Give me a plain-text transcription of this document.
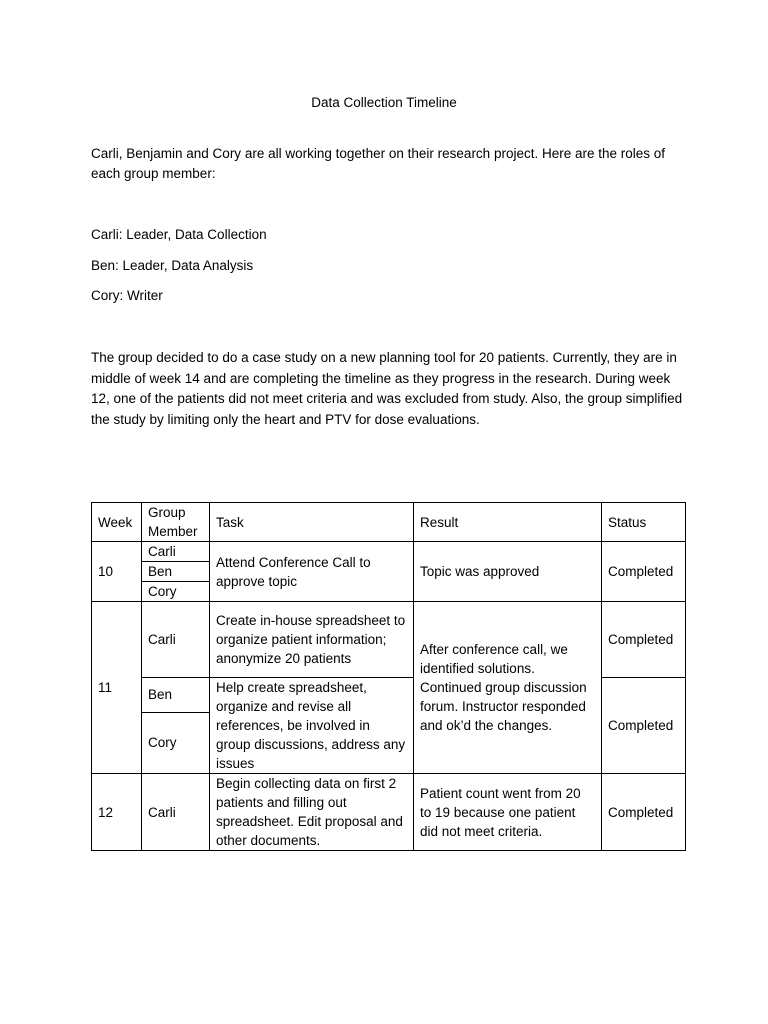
Data Collection Timeline

Carli, Benjamin and Cory are all working together on their research project. Here are the roles of each group member:

Carli: Leader, Data Collection

Ben: Leader, Data Analysis

Cory: Writer

The group decided to do a case study on a new planning tool for 20 patients. Currently, they are in middle of week 14 and are completing the timeline as they progress in the research. During week 12, one of the patients did not meet criteria and was excluded from study. Also, the group simplified the study by limiting only the heart and PTV for dose evaluations.

Week	Group Member	Task	Result	Status
10	Carli	Attend Conference Call to approve topic	Topic was approved	Completed
	Ben			
	Cory			
11	Carli	Create in-house spreadsheet to organize patient information; anonymize 20 patients	After conference call, we identified solutions. Continued group discussion forum. Instructor responded and ok’d the changes.	Completed
	Ben	Help create spreadsheet, organize and revise all references, be involved in group discussions, address any issues		Completed
	Cory			
12	Carli	Begin collecting data on first 2 patients and filling out spreadsheet. Edit proposal and other documents.	Patient count went from 20 to 19 because one patient did not meet criteria.	Completed
